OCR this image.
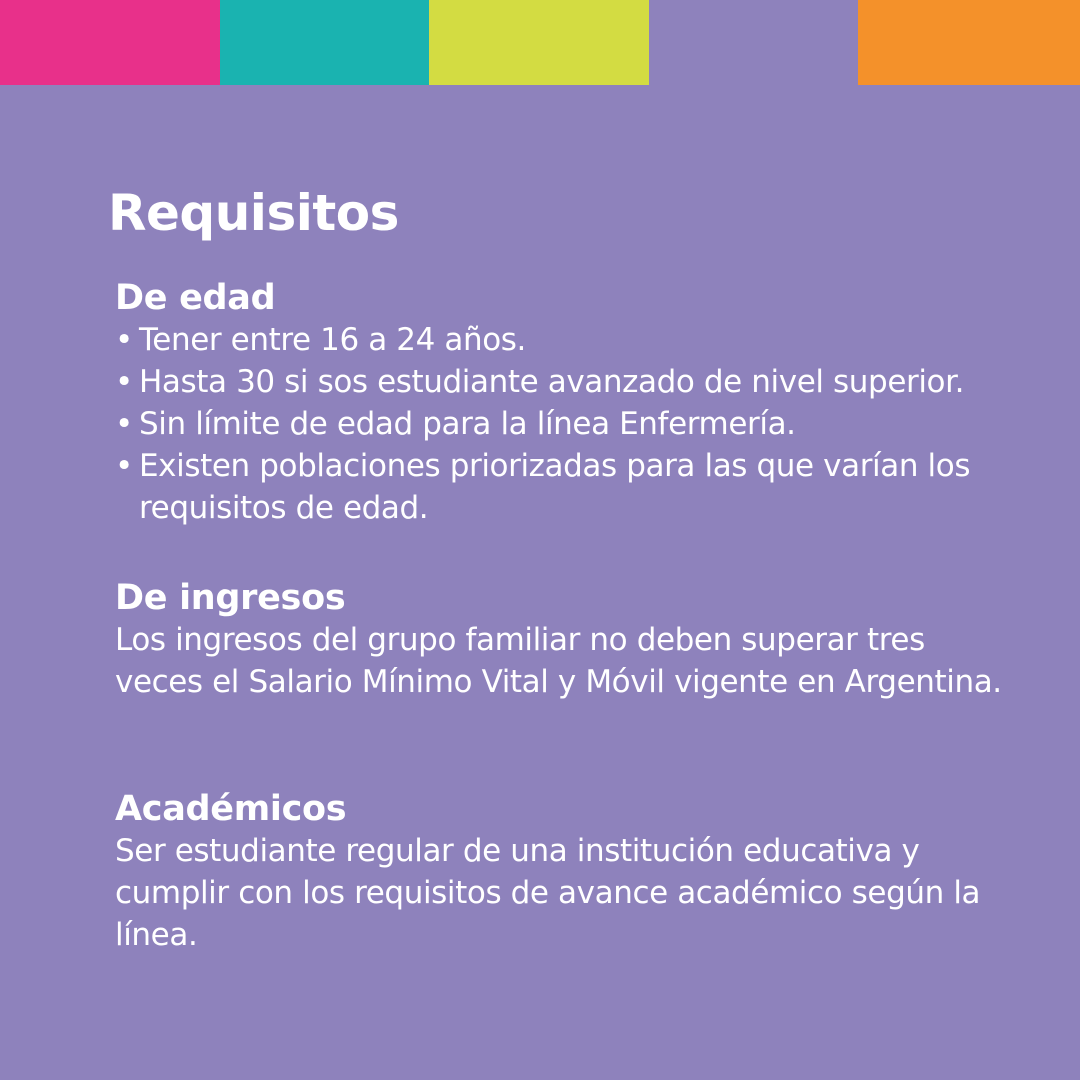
Requisitos
De edad
• Tener entre 16 a 24 años.
• Hasta 30 si sos estudiante avanzado de nivel superior.
• Sin límite de edad para la línea Enfermería.
• Existen poblaciones priorizadas para las que varían los requisitos de edad.
De ingresos

Los ingresos del grupo familiar no deben superar tres veces el Salario Mínimo Vital y Móvil vigente en Argentina.

Académicos

Ser estudiante regular de una institución educativa y cumplir con los requisitos de avance académico según la línea.
